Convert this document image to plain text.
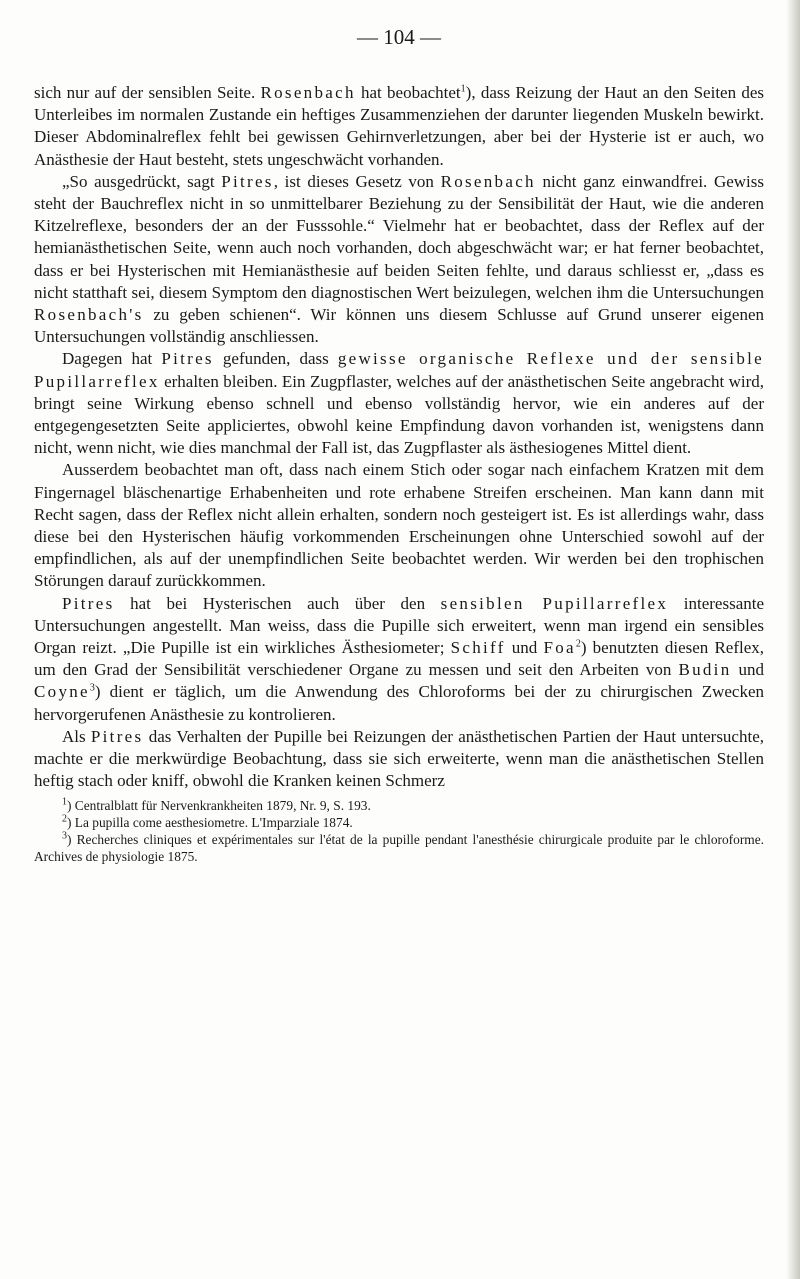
— 104 —

sich nur auf der sensiblen Seite. Rosenbach hat beobachtet$^1$), dass Reizung der Haut an den Seiten des Unterleibes im normalen Zustande ein heftiges Zusammenziehen der darunter liegenden Muskeln bewirkt. Dieser Abdominalreflex fehlt bei gewissen Gehirnverletzungen, aber bei der Hysterie ist er auch, wo Anästhesie der Haut besteht, stets ungeschwächt vorhanden.

„So ausgedrückt, sagt Pitres, ist dieses Gesetz von Rosenbach nicht ganz einwandfrei. Gewiss steht der Bauchreflex nicht in so unmittelbarer Beziehung zu der Sensibilität der Haut, wie die anderen Kitzelreflexe, besonders der an der Fusssohle.“ Vielmehr hat er beobachtet, dass der Reflex auf der hemianästhetischen Seite, wenn auch noch vorhanden, doch abgeschwächt war; er hat ferner beobachtet, dass er bei Hysterischen mit Hemianästhesie auf beiden Seiten fehlte, und daraus schliesst er, „dass es nicht statthaft sei, diesem Symptom den diagnostischen Wert beizulegen, welchen ihm die Untersuchungen Rosenbach's zu geben schienen“. Wir können uns diesem Schlusse auf Grund unserer eigenen Untersuchungen vollständig anschliessen.

Dagegen hat Pitres gefunden, dass gewisse organische Reflexe und der sensible Pupillarreflex erhalten bleiben. Ein Zugpflaster, welches auf der anästhetischen Seite angebracht wird, bringt seine Wirkung ebenso schnell und ebenso vollständig hervor, wie ein anderes auf der entgegengesetzten Seite appliciertes, obwohl keine Empfindung davon vorhanden ist, wenigstens dann nicht, wenn nicht, wie dies manchmal der Fall ist, das Zugpflaster als ästhesiogenes Mittel dient.

Ausserdem beobachtet man oft, dass nach einem Stich oder sogar nach einfachem Kratzen mit dem Fingernagel bläschenartige Erhabenheiten und rote erhabene Streifen erscheinen. Man kann dann mit Recht sagen, dass der Reflex nicht allein erhalten, sondern noch gesteigert ist. Es ist allerdings wahr, dass diese bei den Hysterischen häufig vorkommenden Erscheinungen ohne Unterschied sowohl auf der empfindlichen, als auf der unempfindlichen Seite beobachtet werden. Wir werden bei den trophischen Störungen darauf zurückkommen.

Pitres hat bei Hysterischen auch über den sensiblen Pupillarreflex interessante Untersuchungen angestellt. Man weiss, dass die Pupille sich erweitert, wenn man irgend ein sensibles Organ reizt. „Die Pupille ist ein wirkliches Ästhesiometer; Schiff und Foa$^2$) benutzten diesen Reflex, um den Grad der Sensibilität verschiedener Organe zu messen und seit den Arbeiten von Budin und Coyne$^3$) dient er täglich, um die Anwendung des Chloroforms bei der zu chirurgischen Zwecken hervorgerufenen Anästhesie zu kontrolieren.

Als Pitres das Verhalten der Pupille bei Reizungen der anästhetischen Partien der Haut untersuchte, machte er die merkwürdige Beobachtung, dass sie sich erweiterte, wenn man die anästhetischen Stellen heftig stach oder kniff, obwohl die Kranken keinen Schmerz

$^1$) Centralblatt für Nervenkrankheiten 1879, Nr. 9, S. 193.

$^2$) La pupilla come aesthesiometre. L'Imparziale 1874.

$^3$) Recherches cliniques et expérimentales sur l'état de la pupille pendant l'anesthésie chirurgicale produite par le chloroforme. Archives de physiologie 1875.
